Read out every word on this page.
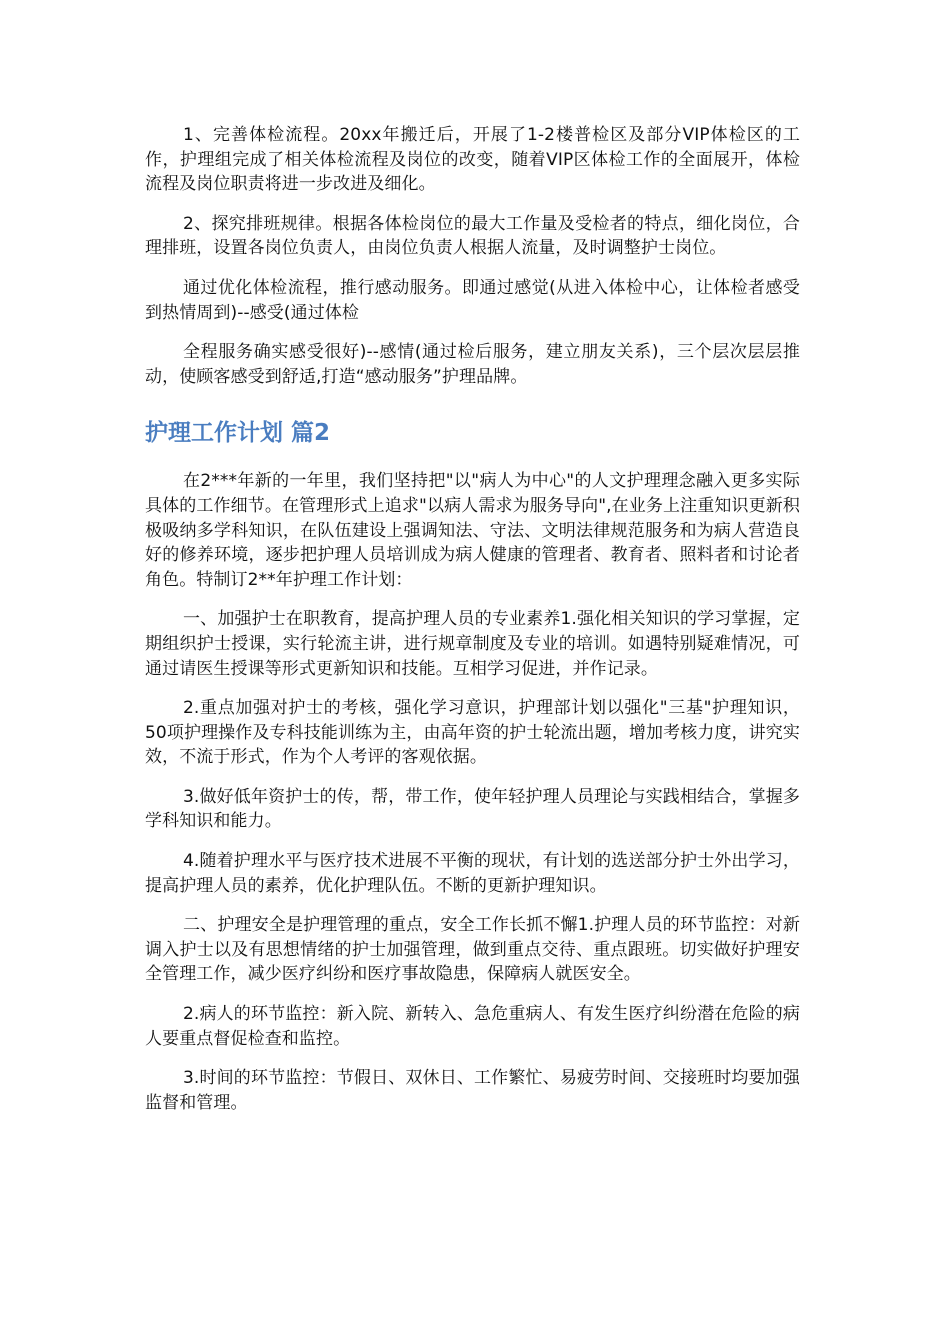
1、完善体检流程。20xx年搬迁后，开展了1-2楼普检区及部分VIP体检区的工作，护理组完成了相关体检流程及岗位的改变，随着VIP区体检工作的全面展开，体检流程及岗位职责将进一步改进及细化。

2、探究排班规律。根据各体检岗位的最大工作量及受检者的特点，细化岗位，合理排班，设置各岗位负责人，由岗位负责人根据人流量，及时调整护士岗位。

通过优化体检流程，推行感动服务。即通过感觉(从进入体检中心，让体检者感受到热情周到)--感受(通过体检

全程服务确实感受很好)--感情(通过检后服务，建立朋友关系)，三个层次层层推动，使顾客感受到舒适,打造“感动服务”护理品牌。

护理工作计划 篇2

在2***年新的一年里，我们坚持把"以"病人为中心"的人文护理理念融入更多实际具体的工作细节。在管理形式上追求"以病人需求为服务导向",在业务上注重知识更新积极吸纳多学科知识，在队伍建设上强调知法、守法、文明法律规范服务和为病人营造良好的修养环境，逐步把护理人员培训成为病人健康的管理者、教育者、照料者和讨论者角色。特制订2**年护理工作计划：

一、加强护士在职教育，提高护理人员的专业素养1.强化相关知识的学习掌握，定期组织护士授课，实行轮流主讲，进行规章制度及专业的培训。如遇特别疑难情况，可通过请医生授课等形式更新知识和技能。互相学习促进，并作记录。

2.重点加强对护士的考核，强化学习意识，护理部计划以强化"三基"护理知识，50项护理操作及专科技能训练为主，由高年资的护士轮流出题，增加考核力度，讲究实效，不流于形式，作为个人考评的客观依据。

3.做好低年资护士的传，帮，带工作，使年轻护理人员理论与实践相结合，掌握多学科知识和能力。

4.随着护理水平与医疗技术进展不平衡的现状，有计划的选送部分护士外出学习，提高护理人员的素养，优化护理队伍。不断的更新护理知识。

二、护理安全是护理管理的重点，安全工作长抓不懈1.护理人员的环节监控：对新调入护士以及有思想情绪的护士加强管理，做到重点交待、重点跟班。切实做好护理安全管理工作，减少医疗纠纷和医疗事故隐患，保障病人就医安全。

2.病人的环节监控：新入院、新转入、急危重病人、有发生医疗纠纷潜在危险的病人要重点督促检查和监控。

3.时间的环节监控：节假日、双休日、工作繁忙、易疲劳时间、交接班时均要加强监督和管理。
